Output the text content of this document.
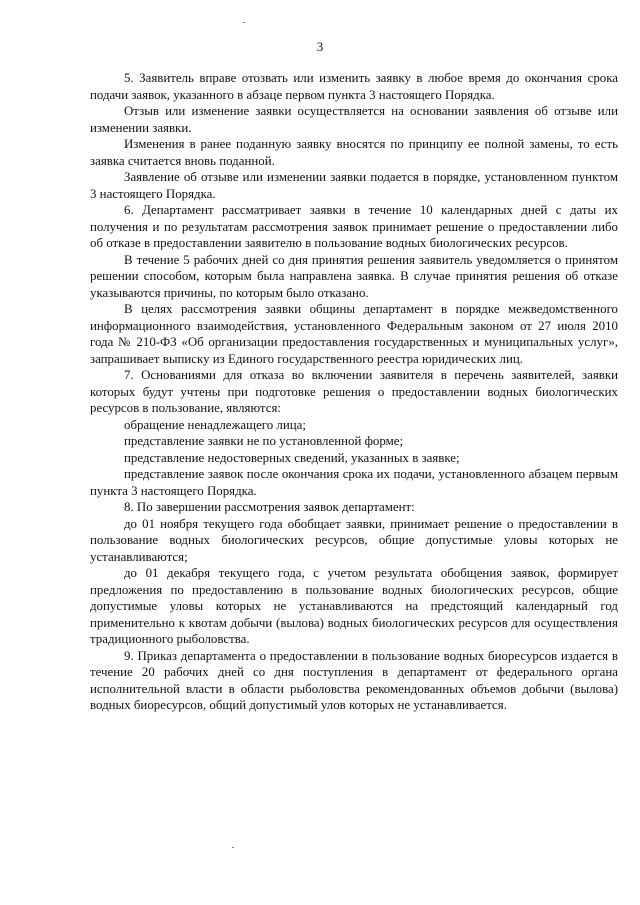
3

5. Заявитель вправе отозвать или изменить заявку в любое время до окончания срока подачи заявок, указанного в абзаце первом пункта 3 настоящего Порядка.

Отзыв или изменение заявки осуществляется на основании заявления об отзыве или изменении заявки.

Изменения в ранее поданную заявку вносятся по принципу ее полной замены, то есть заявка считается вновь поданной.

Заявление об отзыве или изменении заявки подается в порядке, установленном пунктом 3 настоящего Порядка.

6. Департамент рассматривает заявки в течение 10 календарных дней с даты их получения и по результатам рассмотрения заявок принимает решение о предоставлении либо об отказе в предоставлении заявителю в пользование водных биологических ресурсов.

В течение 5 рабочих дней со дня принятия решения заявитель уведомляется о принятом решении способом, которым была направлена заявка. В случае принятия решения об отказе указываются причины, по которым было отказано.

В целях рассмотрения заявки общины департамент в порядке межведомственного информационного взаимодействия, установленного Федеральным законом от 27 июля 2010 года № 210-ФЗ «Об организации предоставления государственных и муниципальных услуг», запрашивает выписку из Единого государственного реестра юридических лиц.

7. Основаниями для отказа во включении заявителя в перечень заявителей, заявки которых будут учтены при подготовке решения о предоставлении водных биологических ресурсов в пользование, являются:

обращение ненадлежащего лица;

представление заявки не по установленной форме;

представление недостоверных сведений, указанных в заявке;

представление заявок после окончания срока их подачи, установленного абзацем первым пункта 3 настоящего Порядка.

8. По завершении рассмотрения заявок департамент:

до 01 ноября текущего года обобщает заявки, принимает решение о предоставлении в пользование водных биологических ресурсов, общие допустимые уловы которых не устанавливаются;

до 01 декабря текущего года, с учетом результата обобщения заявок, формирует предложения по предоставлению в пользование водных биологических ресурсов, общие допустимые уловы которых не устанавливаются на предстоящий календарный год применительно к квотам добычи (вылова) водных биологических ресурсов для осуществления традиционного рыболовства.

9. Приказ департамента о предоставлении в пользование водных биоресурсов издается в течение 20 рабочих дней со дня поступления в департамент от федерального органа исполнительной власти в области рыболовства рекомендованных объемов добычи (вылова) водных биоресурсов, общий допустимый улов которых не устанавливается.
